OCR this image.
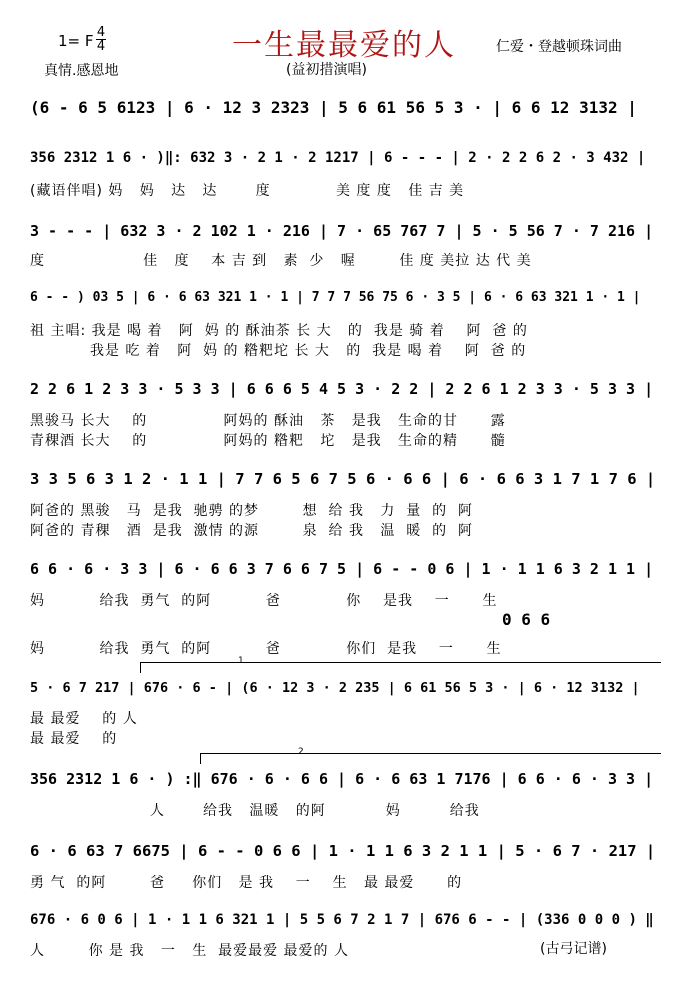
一生最最爱的人
1= F 4
4
真情.感恩地
仁爱・登越顿珠词曲
(益初措演唱)
(6 - 6 5 6123 | 6 · 12 3 2323 | 5 6 61 56 5 3 · | 6 6 12 3132 |
356 2312 1 6 · )‖: 632 3 · 2 1 · 2 1217 | 6 - - - | 2 · 2 2 6 2 · 3 432 |
(藏语伴唱) 妈   妈   达   达       度            美 度 度   佳 吉 美
3 - - - | 632 3 · 2 102 1 · 216 | 7 · 65 767 7 | 5 · 5 56 7 · 7 216 |
度                  佳   度    本 吉 到   素  少   喔        佳 度 美拉 达 代 美
6 - - ) 03 5 | 6 · 6 63 321 1 · 1 | 7 7 7 56 75 6 · 3 5 | 6 · 6 63 321 1 · 1 |
祖 主唱: 我是 喝 着   阿  妈 的 酥油茶 长 大   的  我是 骑 着    阿  爸 的
我是 吃 着   阿  妈 的 糌粑坨 长 大   的  我是 喝 着    阿  爸 的
2 2 6 1 2 3 3 · 5 3 3 | 6 6 6 5 4 5 3 · 2 2 | 2 2 6 1 2 3 3 · 5 3 3 |
黑骏马 长大    的              阿妈的 酥油   茶   是我   生命的甘      露
青稞酒 长大    的              阿妈的 糌粑   坨   是我   生命的精      髓
3 3 5 6 3 1 2 · 1 1 | 7 7 6 5 6 7 5 6 · 6 6 | 6 · 6 6 3 1 7 1 7 6 |
阿爸的 黑骏   马  是我  驰骋 的梦        想  给 我   力  量  的  阿
阿爸的 青稞   酒  是我  激情 的源        泉  给 我   温  暖  的  阿
6 6 · 6 · 3 3 | 6 · 6 6 3 7 6 6 7 5 | 6 - - 0 6 | 1 · 1 1 6 3 2 1 1 |
妈          给我  勇气  的阿          爸            你    是我    一      生
0 6 6
妈          给我  勇气  的阿          爸            你们  是我    一      生
1
5 · 6 7 217 | 676 · 6 - | (6 · 12 3 · 2 235 | 6 61 56 5 3 · | 6 · 12 3132 |
最 最爱    的 人
最 最爱    的
2
356 2312 1 6 · ) :‖ 676 · 6 · 6 6 | 6 · 6 63 1 7176 | 6 6 · 6 · 3 3 |
人       给我   温暖   的阿           妈         给我
6 · 6 63 7 6675 | 6 - - 0 6 6 | 1 · 1 1 6 3 2 1 1 | 5 · 6 7 · 217 |
勇 气  的阿        爸     你们   是 我    一    生   最 最爱      的
676 · 6 0 6 | 1 · 1 1 6 321 1 | 5 5 6 7 2 1 7 | 676 6 - - | (336 0 0 0 ) ‖
人        你 是 我   一   生  最爱最爱 最爱的 人	(古弓记谱)
